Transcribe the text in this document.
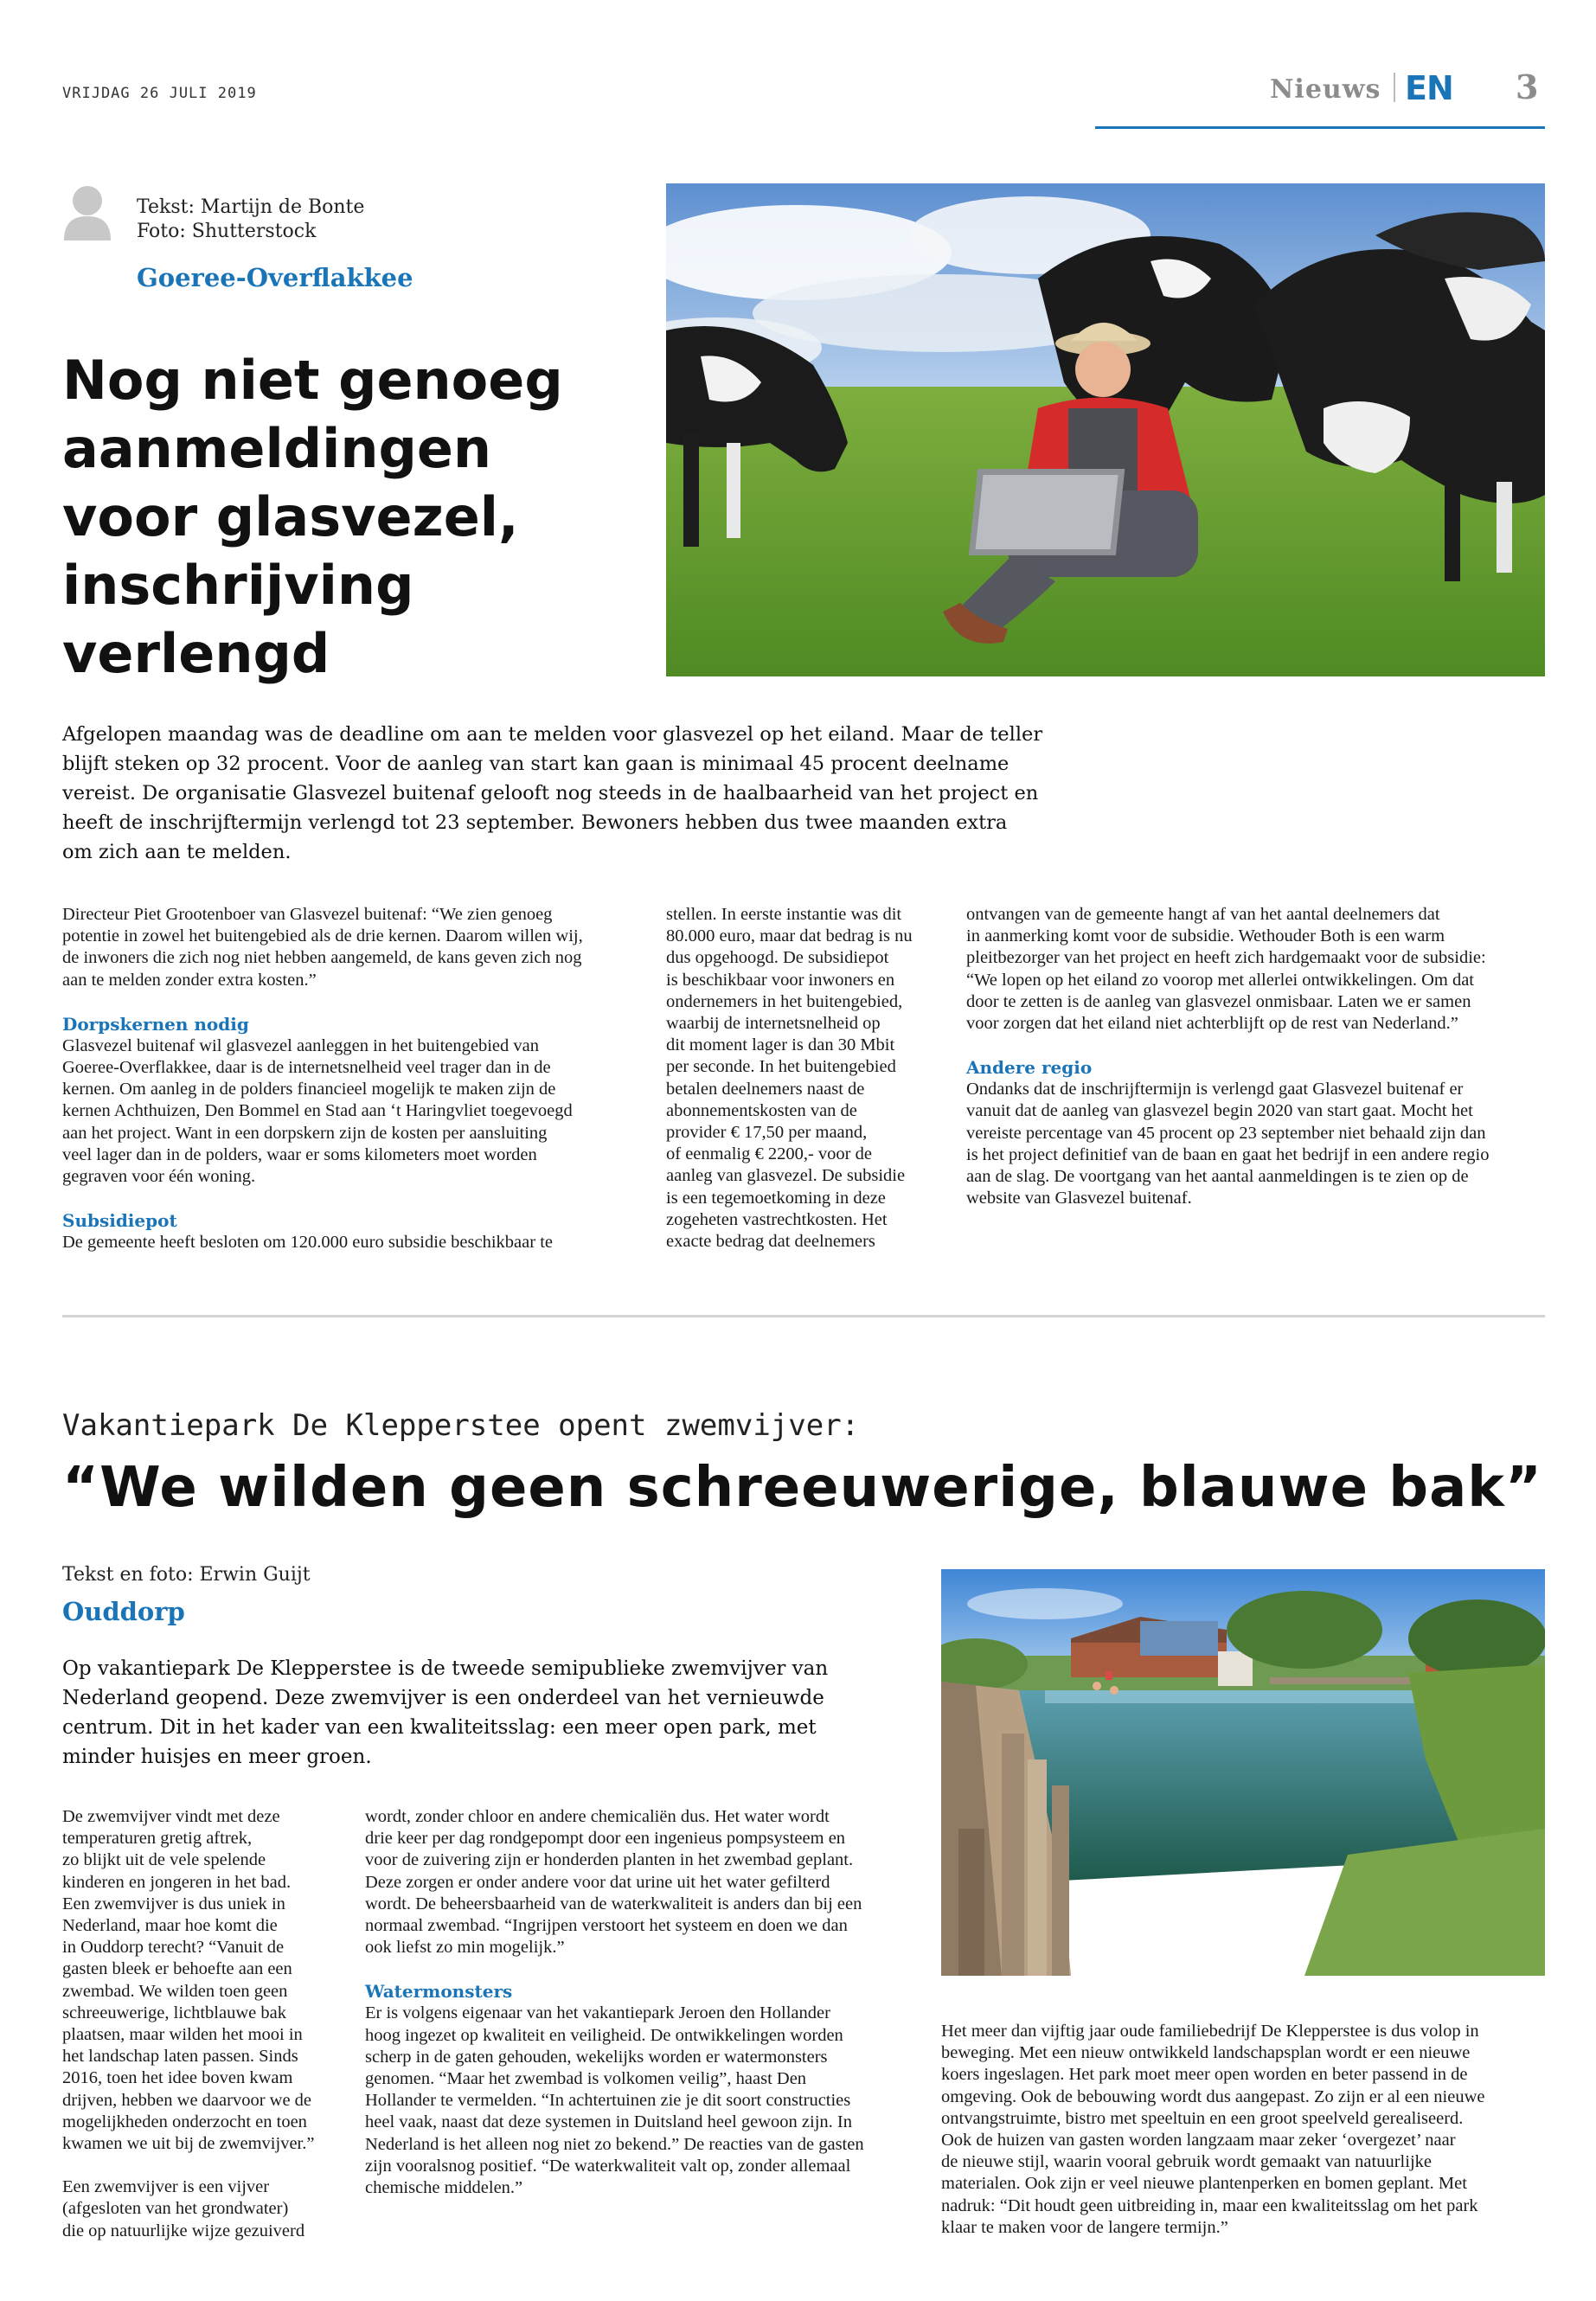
VRIJDAG 26 JULI 2019	Nieuws EN 3
Tekst: Martijn de Bonte
Foto: Shutterstock
Goeree-Overflakkee
Nog niet genoeg
aanmeldingen
voor glasvezel,
inschrijving
verlengd
Afgelopen maandag was de deadline om aan te melden voor glasvezel op het eiland. Maar de teller
blijft steken op 32 procent. Voor de aanleg van start kan gaan is minimaal 45 procent deelname
vereist. De organisatie Glasvezel buitenaf gelooft nog steeds in de haalbaarheid van het project en
heeft de inschrijftermijn verlengd tot 23 september. Bewoners hebben dus twee maanden extra
om zich aan te melden.

Directeur Piet Grootenboer van Glasvezel buitenaf: “We zien genoeg

potentie in zowel het buitengebied als de drie kernen. Daarom willen wij,

de inwoners die zich nog niet hebben aangemeld, de kans geven zich nog

aan te melden zonder extra kosten.”

Dorpskernen nodig

Glasvezel buitenaf wil glasvezel aanleggen in het buitengebied van

Goeree-Overflakkee, daar is de internetsnelheid veel trager dan in de

kernen. Om aanleg in de polders financieel mogelijk te maken zijn de

kernen Achthuizen, Den Bommel en Stad aan ‘t Haringvliet toegevoegd

aan het project. Want in een dorpskern zijn de kosten per aansluiting

veel lager dan in de polders, waar er soms kilometers moet worden

gegraven voor één woning.

Subsidiepot

De gemeente heeft besloten om 120.000 euro subsidie beschikbaar te

stellen. In eerste instantie was dit

80.000 euro, maar dat bedrag is nu

dus opgehoogd. De subsidiepot

is beschikbaar voor inwoners en

ondernemers in het buitengebied,

waarbij de internetsnelheid op

dit moment lager is dan 30 Mbit

per seconde. In het buitengebied

betalen deelnemers naast de

abonnementskosten van de

provider € 17,50 per maand,

of eenmalig € 2200,- voor de

aanleg van glasvezel. De subsidie

is een tegemoetkoming in deze

zogeheten vastrechtkosten. Het

exacte bedrag dat deelnemers

ontvangen van de gemeente hangt af van het aantal deelnemers dat

in aanmerking komt voor de subsidie. Wethouder Both is een warm

pleitbezorger van het project en heeft zich hardgemaakt voor de subsidie:

“We lopen op het eiland zo voorop met allerlei ontwikkelingen. Om dat

door te zetten is de aanleg van glasvezel onmisbaar. Laten we er samen

voor zorgen dat het eiland niet achterblijft op de rest van Nederland.”

Andere regio

Ondanks dat de inschrijftermijn is verlengd gaat Glasvezel buitenaf er

vanuit dat de aanleg van glasvezel begin 2020 van start gaat. Mocht het

vereiste percentage van 45 procent op 23 september niet behaald zijn dan

is het project definitief van de baan en gaat het bedrijf in een andere regio

aan de slag. De voortgang van het aantal aanmeldingen is te zien op de

website van Glasvezel buitenaf.

Vakantiepark De Klepperstee opent zwemvijver:
“We wilden geen schreeuwerige, blauwe bak”
Tekst en foto: Erwin Guijt
Ouddorp
Op vakantiepark De Klepperstee is de tweede semipublieke zwemvijver van
Nederland geopend. Deze zwemvijver is een onderdeel van het vernieuwde
centrum. Dit in het kader van een kwaliteitsslag: een meer open park, met
minder huisjes en meer groen.

De zwemvijver vindt met deze

temperaturen gretig aftrek,

zo blijkt uit de vele spelende

kinderen en jongeren in het bad.

Een zwemvijver is dus uniek in

Nederland, maar hoe komt die

in Ouddorp terecht? “Vanuit de

gasten bleek er behoefte aan een

zwembad. We wilden toen geen

schreeuwerige, lichtblauwe bak

plaatsen, maar wilden het mooi in

het landschap laten passen. Sinds

2016, toen het idee boven kwam

drijven, hebben we daarvoor we de

mogelijkheden onderzocht en toen

kwamen we uit bij de zwemvijver.”

Een zwemvijver is een vijver

(afgesloten van het grondwater)

die op natuurlijke wijze gezuiverd

wordt, zonder chloor en andere chemicaliën dus. Het water wordt

drie keer per dag rondgepompt door een ingenieus pompsysteem en

voor de zuivering zijn er honderden planten in het zwembad geplant.

Deze zorgen er onder andere voor dat urine uit het water gefilterd

wordt. De beheersbaarheid van de waterkwaliteit is anders dan bij een

normaal zwembad. “Ingrijpen verstoort het systeem en doen we dan

ook liefst zo min mogelijk.”

Watermonsters

Er is volgens eigenaar van het vakantiepark Jeroen den Hollander

hoog ingezet op kwaliteit en veiligheid. De ontwikkelingen worden

scherp in de gaten gehouden, wekelijks worden er watermonsters

genomen. “Maar het zwembad is volkomen veilig”, haast Den

Hollander te vermelden. “In achtertuinen zie je dit soort constructies

heel vaak, naast dat deze systemen in Duitsland heel gewoon zijn. In

Nederland is het alleen nog niet zo bekend.” De reacties van de gasten

zijn vooralsnog positief. “De waterkwaliteit valt op, zonder allemaal

chemische middelen.”

Het meer dan vijftig jaar oude familiebedrijf De Klepperstee is dus volop in

beweging. Met een nieuw ontwikkeld landschapsplan wordt er een nieuwe

koers ingeslagen. Het park moet meer open worden en beter passend in de

omgeving. Ook de bebouwing wordt dus aangepast. Zo zijn er al een nieuwe

ontvangstruimte, bistro met speeltuin en een groot speelveld gerealiseerd.

Ook de huizen van gasten worden langzaam maar zeker ‘overgezet’ naar

de nieuwe stijl, waarin vooral gebruik wordt gemaakt van natuurlijke

materialen. Ook zijn er veel nieuwe plantenperken en bomen geplant. Met

nadruk: “Dit houdt geen uitbreiding in, maar een kwaliteitsslag om het park

klaar te maken voor de langere termijn.”
